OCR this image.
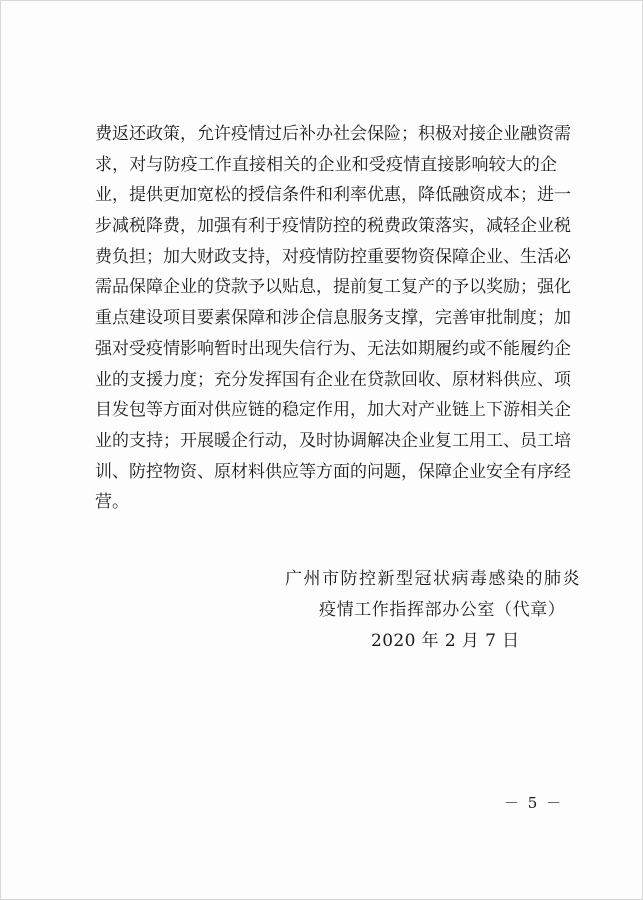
费返还政策，允许疫情过后补办社会保险；积极对接企业融资需
求，对与防疫工作直接相关的企业和受疫情直接影响较大的企
业，提供更加宽松的授信条件和利率优惠，降低融资成本；进一
步减税降费，加强有利于疫情防控的税费政策落实，减轻企业税
费负担；加大财政支持，对疫情防控重要物资保障企业、生活必
需品保障企业的贷款予以贴息，提前复工复产的予以奖励；强化
重点建设项目要素保障和涉企信息服务支撑，完善审批制度；加
强对受疫情影响暂时出现失信行为、无法如期履约或不能履约企
业的支援力度；充分发挥国有企业在贷款回收、原材料供应、项
目发包等方面对供应链的稳定作用，加大对产业链上下游相关企
业的支持；开展暖企行动，及时协调解决企业复工用工、员工培
训、防控物资、原材料供应等方面的问题，保障企业安全有序经
营。
广州市防控新型冠状病毒感染的肺炎
疫情工作指挥部办公室（代章）
2020 年 2 月 7 日
－ 5 －
